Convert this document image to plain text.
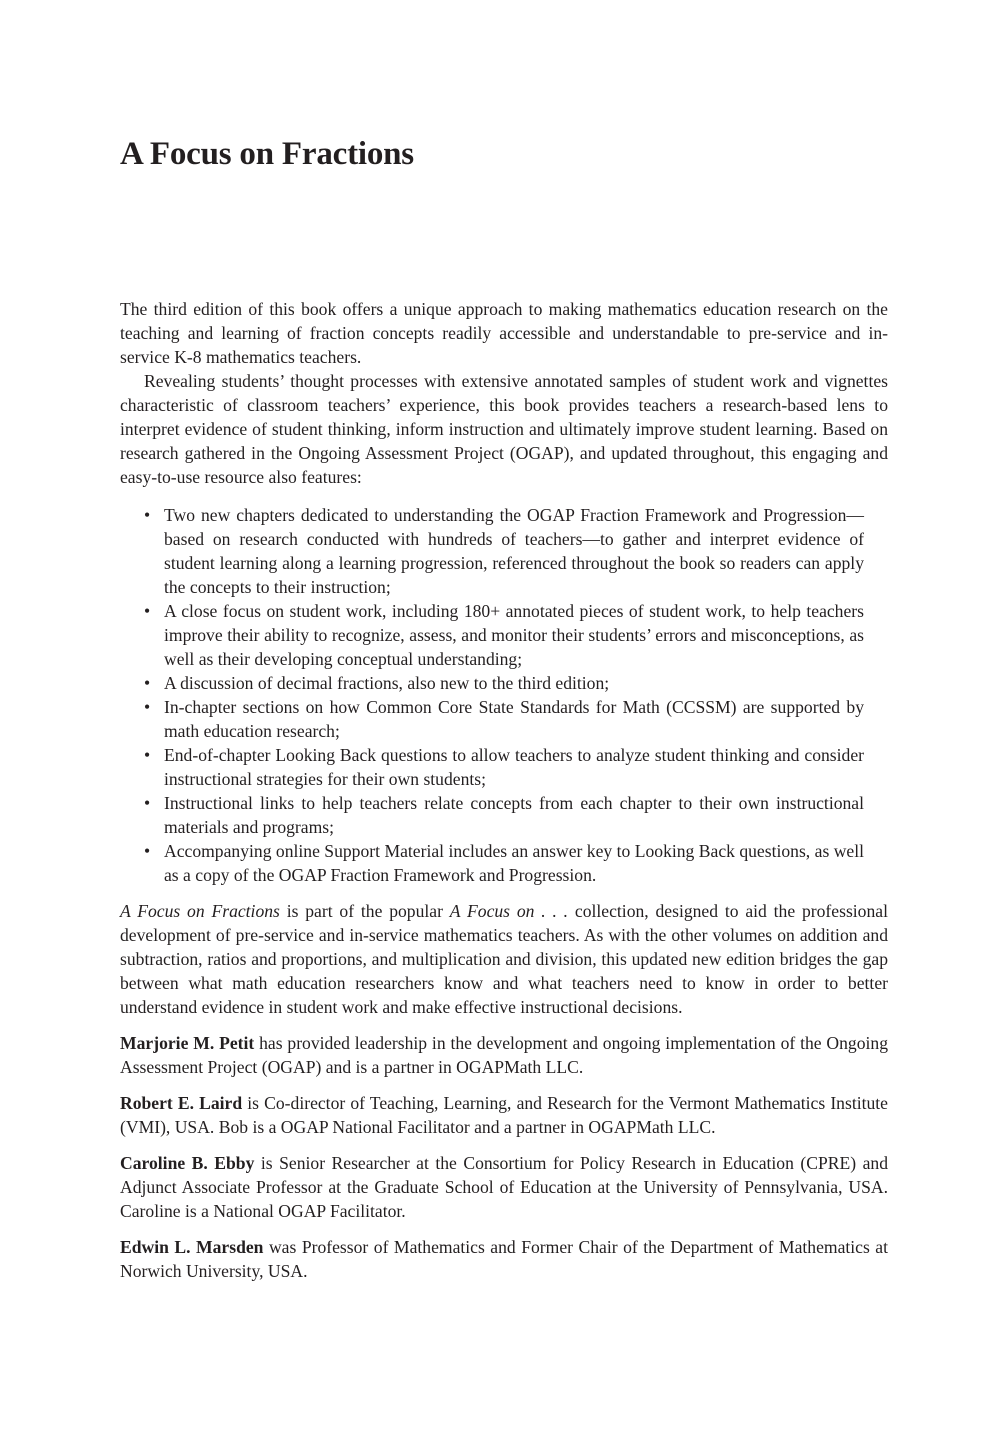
A Focus on Fractions

The third edition of this book offers a unique approach to making mathematics education research on the teaching and learning of fraction concepts readily accessible and understandable to pre-service and in-service K-8 mathematics teachers.

Revealing students’ thought processes with extensive annotated samples of student work and vignettes characteristic of classroom teachers’ experience, this book provides teachers a research-based lens to interpret evidence of student thinking, inform instruction and ultimately improve student learning. Based on research gathered in the Ongoing Assessment Project (OGAP), and updated throughout, this engaging and easy-to-use resource also features:

• Two new chapters dedicated to understanding the OGAP Fraction Framework and Progression—based on research conducted with hundreds of teachers—to gather and interpret evidence of student learning along a learning progression, referenced throughout the book so readers can apply the concepts to their instruction;
• A close focus on student work, including 180+ annotated pieces of student work, to help teachers improve their ability to recognize, assess, and monitor their students’ errors and misconceptions, as well as their developing conceptual understanding;
• A discussion of decimal fractions, also new to the third edition;
• In-chapter sections on how Common Core State Standards for Math (CCSSM) are supported by math education research;
• End-of-chapter Looking Back questions to allow teachers to analyze student thinking and consider instructional strategies for their own students;
• Instructional links to help teachers relate concepts from each chapter to their own instructional materials and programs;
• Accompanying online Support Material includes an answer key to Looking Back questions, as well as a copy of the OGAP Fraction Framework and Progression.

A Focus on Fractions is part of the popular A Focus on . . . collection, designed to aid the professional development of pre-service and in-service mathematics teachers. As with the other volumes on addition and subtraction, ratios and proportions, and multiplication and division, this updated new edition bridges the gap between what math education researchers know and what teachers need to know in order to better understand evidence in student work and make effective instructional decisions.

Marjorie M. Petit has provided leadership in the development and ongoing implementation of the Ongoing Assessment Project (OGAP) and is a partner in OGAPMath LLC.

Robert E. Laird is Co-director of Teaching, Learning, and Research for the Vermont Mathematics Institute (VMI), USA. Bob is a OGAP National Facilitator and a partner in OGAPMath LLC.

Caroline B. Ebby is Senior Researcher at the Consortium for Policy Research in Education (CPRE) and Adjunct Associate Professor at the Graduate School of Education at the University of Pennsylvania, USA. Caroline is a National OGAP Facilitator.

Edwin L. Marsden was Professor of Mathematics and Former Chair of the Department of Mathematics at Norwich University, USA.
